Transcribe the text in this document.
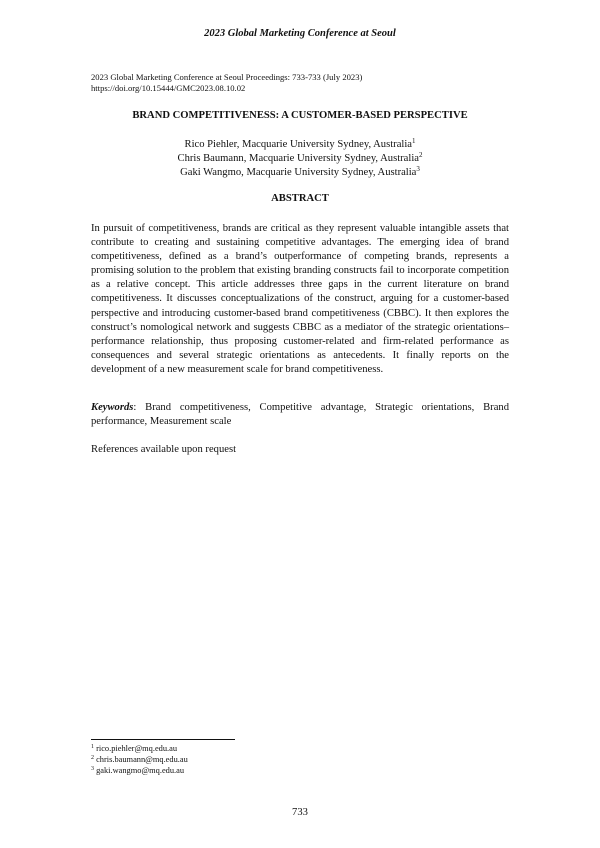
2023 Global Marketing Conference at Seoul
2023 Global Marketing Conference at Seoul Proceedings: 733-733 (July 2023)
https://doi.org/10.15444/GMC2023.08.10.02
BRAND COMPETITIVENESS: A CUSTOMER-BASED PERSPECTIVE
Rico Piehler, Macquarie University Sydney, Australia$^1$
Chris Baumann, Macquarie University Sydney, Australia$^2$
Gaki Wangmo, Macquarie University Sydney, Australia$^3$
ABSTRACT
In pursuit of competitiveness, brands are critical as they represent valuable intangible assets that contribute to creating and sustaining competitive advantages. The emerging idea of brand competitiveness, defined as a brand’s outperformance of competing brands, represents a promising solution to the problem that existing branding constructs fail to incorporate competition as a relative concept. This article addresses three gaps in the current literature on brand competitiveness. It discusses conceptualizations of the construct, arguing for a customer-based perspective and introducing customer-based brand competitiveness (CBBC). It then explores the construct’s nomological network and suggests CBBC as a mediator of the strategic orientations–performance relationship, thus proposing customer-related and firm-related performance as consequences and several strategic orientations as antecedents. It finally reports on the development of a new measurement scale for brand competitiveness.
Keywords: Brand competitiveness, Competitive advantage, Strategic orientations, Brand performance, Measurement scale
References available upon request
$^1$ rico.piehler@mq.edu.au
$^2$ chris.baumann@mq.edu.au
$^3$ gaki.wangmo@mq.edu.au
733
